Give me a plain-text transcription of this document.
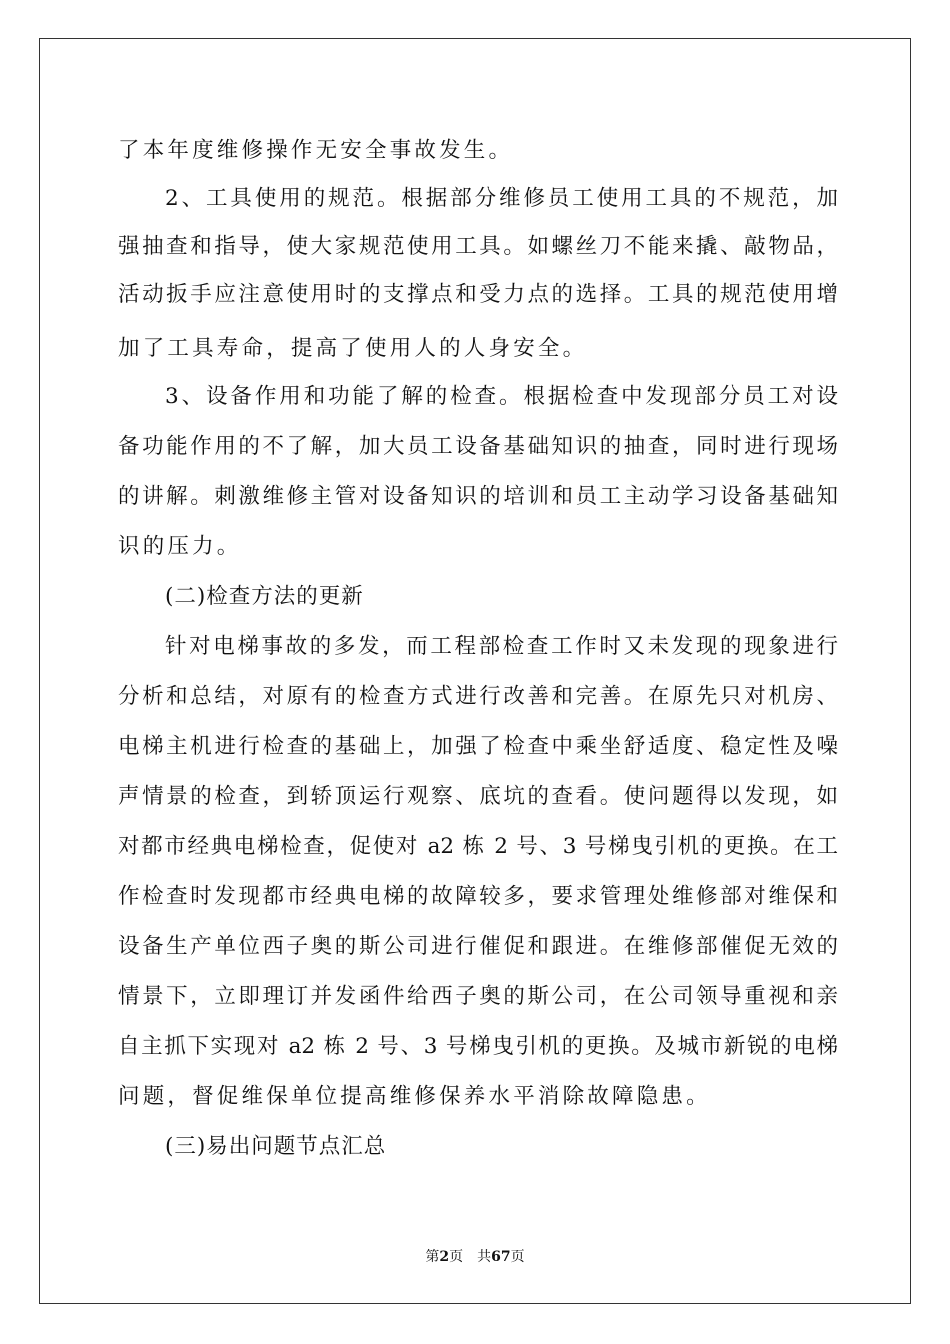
了本年度维修操作无安全事故发生。
2、工具使用的规范。根据部分维修员工使用工具的不规范，加
强抽查和指导，使大家规范使用工具。如螺丝刀不能来撬、敲物品，
活动扳手应注意使用时的支撑点和受力点的选择。工具的规范使用增
加了工具寿命，提高了使用人的人身安全。
3、设备作用和功能了解的检查。根据检查中发现部分员工对设
备功能作用的不了解，加大员工设备基础知识的抽查，同时进行现场
的讲解。刺激维修主管对设备知识的培训和员工主动学习设备基础知
识的压力。
(二)检查方法的更新
针对电梯事故的多发，而工程部检查工作时又未发现的现象进行
分析和总结，对原有的检查方式进行改善和完善。在原先只对机房、
电梯主机进行检查的基础上，加强了检查中乘坐舒适度、稳定性及噪
声情景的检查，到轿顶运行观察、底坑的查看。使问题得以发现，如
对都市经典电梯检查，促使对 a2 栋 2 号、3 号梯曳引机的更换。在工
作检查时发现都市经典电梯的故障较多，要求管理处维修部对维保和
设备生产单位西子奥的斯公司进行催促和跟进。在维修部催促无效的
情景下，立即理订并发函件给西子奥的斯公司，在公司领导重视和亲
自主抓下实现对 a2 栋 2 号、3 号梯曳引机的更换。及城市新锐的电梯
问题，督促维保单位提高维修保养水平消除故障隐患。
(三)易出问题节点汇总
第2页 共67页
